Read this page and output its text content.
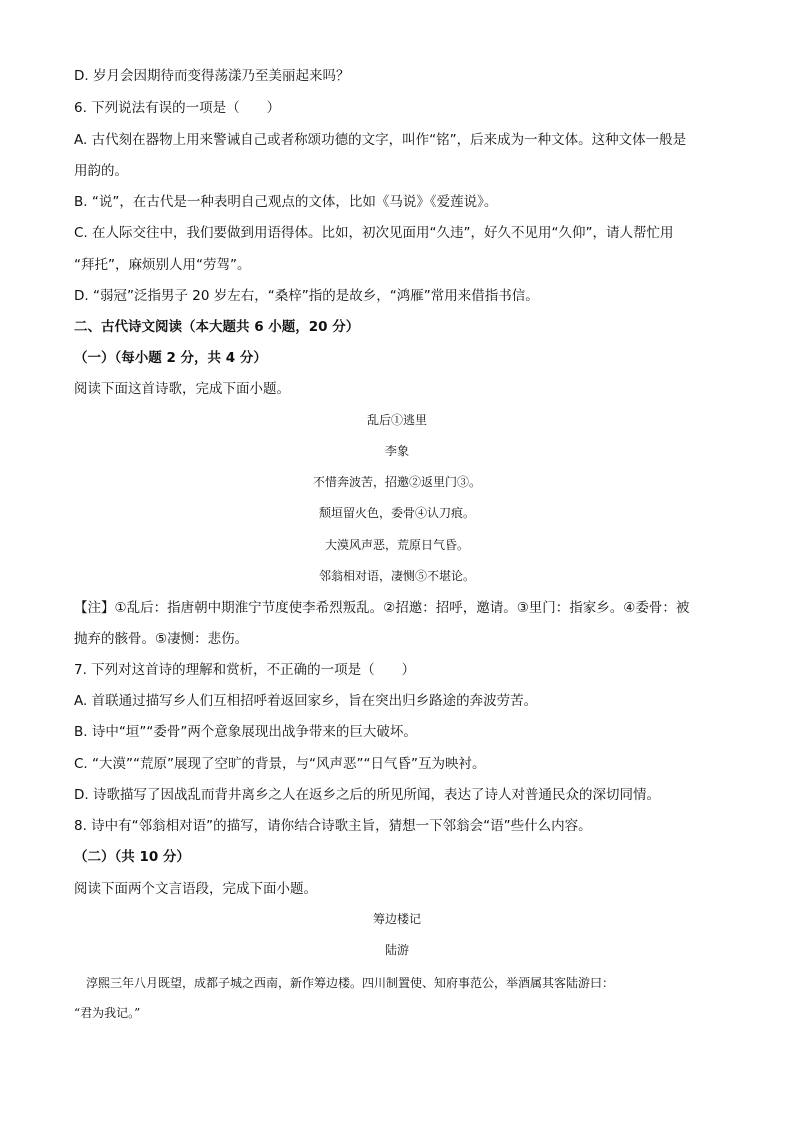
D. 岁月会因期待而变得荡漾乃至美丽起来吗？
6. 下列说法有误的一项是（　　）
A. 古代刻在器物上用来警诫自己或者称颂功德的文字，叫作“铭”，后来成为一种文体。这种文体一般是
用韵的。
B. “说”，在古代是一种表明自己观点的文体，比如《马说》《爱莲说》。
C. 在人际交往中，我们要做到用语得体。比如，初次见面用“久违”，好久不见用“久仰”，请人帮忙用
“拜托”，麻烦别人用“劳驾”。
D. “弱冠”泛指男子 20 岁左右，“桑梓”指的是故乡，“鸿雁”常用来借指书信。
二、古代诗文阅读（本大题共 6 小题，20 分）
（一）（每小题 2 分，共 4 分）
阅读下面这首诗歌，完成下面小题。
乱后①逃里
李象
不惜奔波苦，招邀②返里门③。
颓垣留火色，委骨④认刀痕。
大漠风声恶，荒原日气昏。
邻翁相对语，凄恻⑤不堪论。
【注】①乱后：指唐朝中期淮宁节度使李希烈叛乱。②招邀：招呼，邀请。③里门：指家乡。④委骨：被
抛弃的骸骨。⑤凄恻：悲伤。
7. 下列对这首诗的理解和赏析，不正确的一项是（　　）
A. 首联通过描写乡人们互相招呼着返回家乡，旨在突出归乡路途的奔波劳苦。
B. 诗中“垣”“委骨”两个意象展现出战争带来的巨大破坏。
C. “大漠”“荒原”展现了空旷的背景，与“风声恶”“日气昏”互为映衬。
D. 诗歌描写了因战乱而背井离乡之人在返乡之后的所见所闻，表达了诗人对普通民众的深切同情。
8. 诗中有“邻翁相对语”的描写，请你结合诗歌主旨，猜想一下邻翁会“语”些什么内容。
（二）（共 10 分）
阅读下面两个文言语段，完成下面小题。
筹边楼记
陆游
淳熙三年八月既望，成都子城之西南，新作筹边楼。四川制置使、知府事范公，举酒属其客陆游曰：
“君为我记。”
